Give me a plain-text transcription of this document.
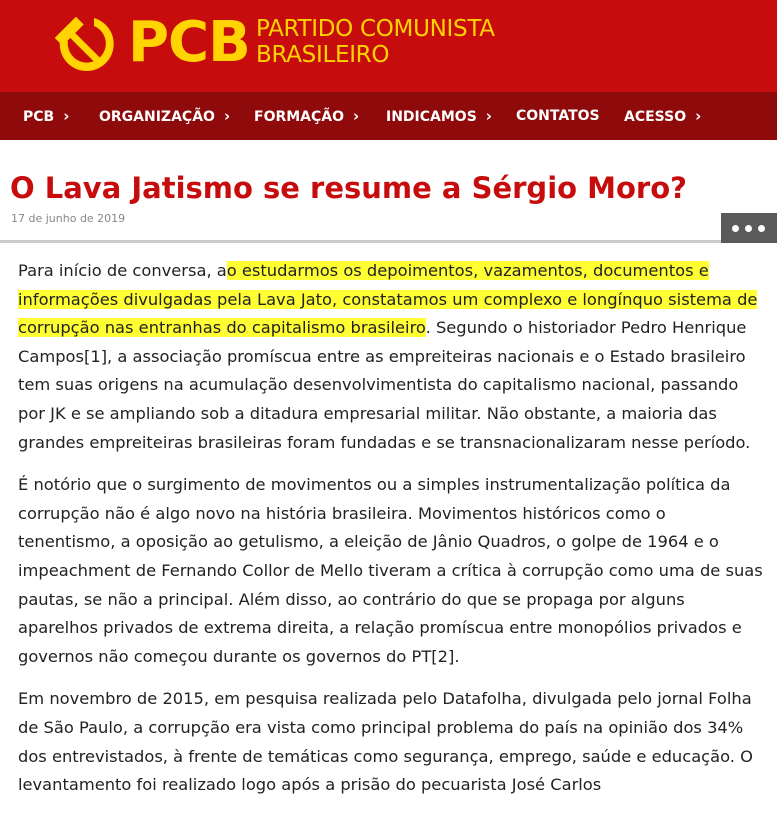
PCB PARTIDO COMUNISTA
BRASILEIRO
PCB › ORGANIZAÇÃO › FORMAÇÃO › INDICAMOS › CONTATOS ACESSO ›
O Lava Jatismo se resume a Sérgio Moro?
17 de junho de 2019

Para início de conversa, ao estudarmos os depoimentos, vazamentos, documentos e informações divulgadas pela Lava Jato, constatamos um complexo e longínquo sistema de corrupção nas entranhas do capitalismo brasileiro. Segundo o historiador Pedro Henrique Campos[1], a associação promíscua entre as empreiteiras nacionais e o Estado brasileiro tem suas origens na acumulação desenvolvimentista do capitalismo nacional, passando por JK e se ampliando sob a ditadura empresarial militar. Não obstante, a maioria das grandes empreiteiras brasileiras foram fundadas e se transnacionalizaram nesse período.

É notório que o surgimento de movimentos ou a simples instrumentalização política da corrupção não é algo novo na história brasileira. Movimentos históricos como o tenentismo, a oposição ao getulismo, a eleição de Jânio Quadros, o golpe de 1964 e o impeachment de Fernando Collor de Mello tiveram a crítica à corrupção como uma de suas pautas, se não a principal. Além disso, ao contrário do que se propaga por alguns aparelhos privados de extrema direita, a relação promíscua entre monopólios privados e governos não começou durante os governos do PT[2].

Em novembro de 2015, em pesquisa realizada pelo Datafolha, divulgada pelo jornal Folha de São Paulo, a corrupção era vista como principal problema do país na opinião dos 34% dos entrevistados, à frente de temáticas como segurança, emprego, saúde e educação. O levantamento foi realizado logo após a prisão do pecuarista José Carlos
